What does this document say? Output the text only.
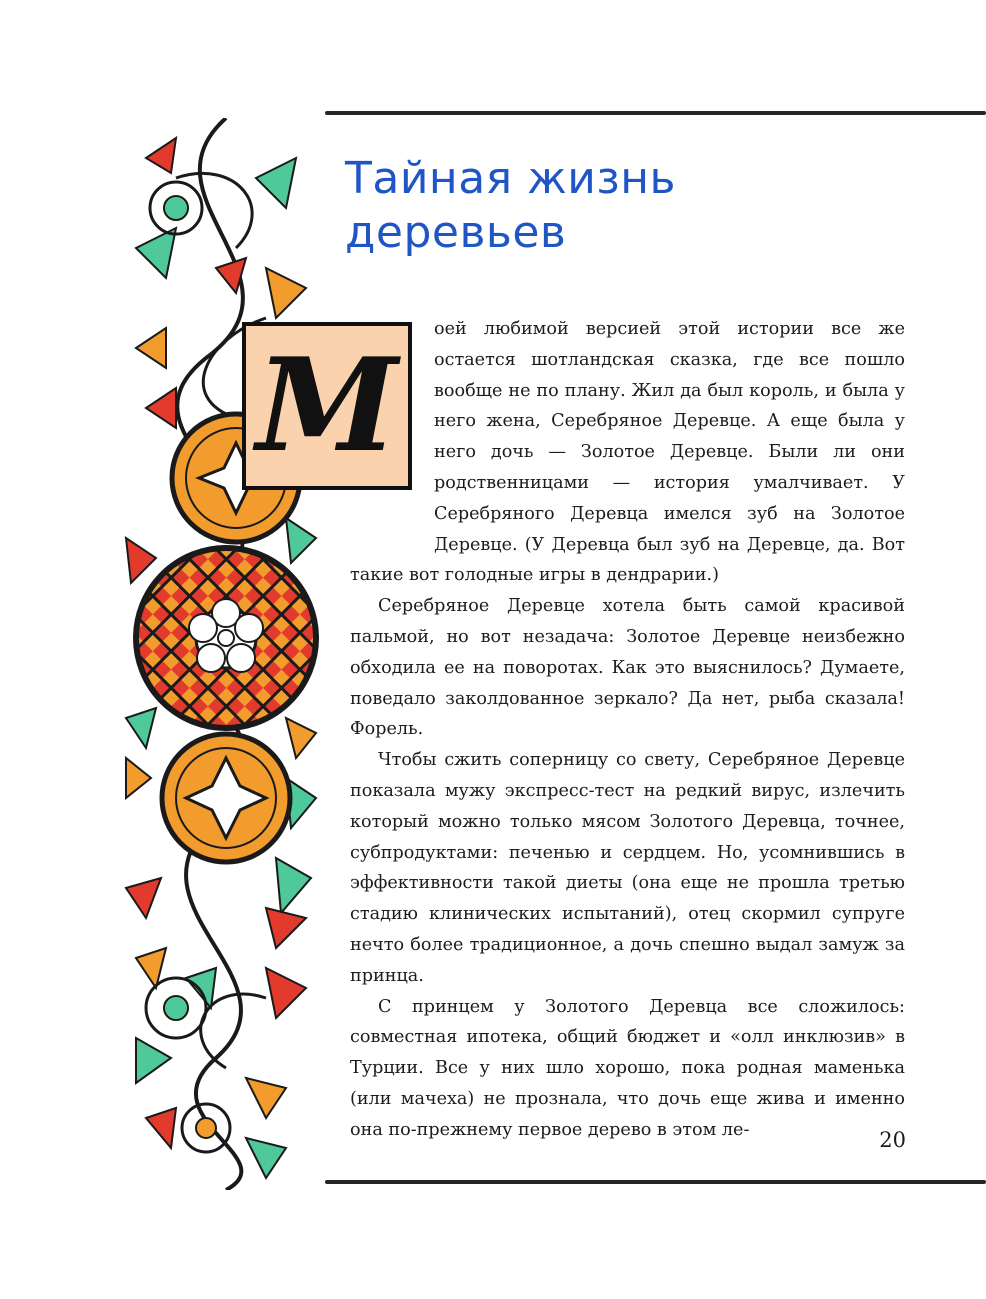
Тайная жизнь деревьев
М

оей любимой версией этой истории все же остается шотландская сказка, где все пошло вообще не по плану. Жил да был король, и была у него жена, Серебряное Деревце. А еще была у него дочь — Золотое Деревце. Были ли они родственницами — история умалчивает. У Серебряного Деревца имелся зуб на Золотое Деревце. (У Деревца был зуб на Деревце, да. Вот такие вот голодные игры в дендрарии.)

Серебряное Деревце хотела быть самой красивой пальмой, но вот незадача: Золотое Деревце неизбежно обходила ее на поворотах. Как это выяснилось? Думаете, поведало заколдованное зеркало? Да нет, рыба сказала! Форель.

Чтобы сжить соперницу со свету, Серебряное Деревце показала мужу экспресс-тест на редкий вирус, излечить который можно только мясом Золотого Деревца, точнее, субпродуктами: печенью и сердцем. Но, усомнившись в эффективности такой диеты (она еще не прошла третью стадию клинических испытаний), отец скормил супруге нечто более традиционное, а дочь спешно выдал замуж за принца.

С принцем у Золотого Деревца все сложилось: совместная ипотека, общий бюджет и «олл инклюзив» в Турции. Все у них шло хорошо, пока родная маменька (или мачеха) не прознала, что дочь еще жива и именно она по-прежнему первое дерево в этом ле-	20
